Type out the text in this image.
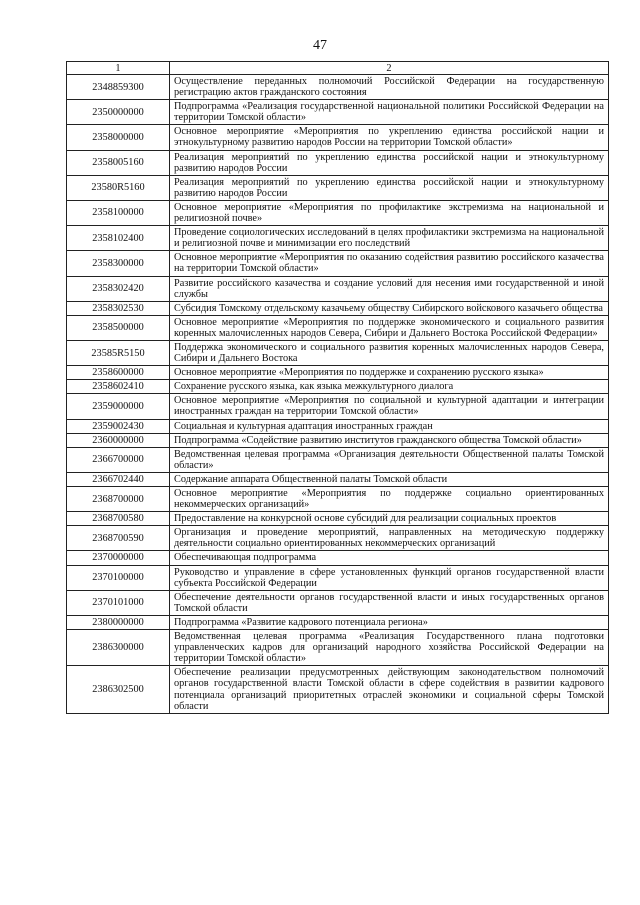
47
1	2
2348859300	Осуществление переданных полномочий Российской Федерации на государственную регистрацию актов гражданского состояния
2350000000	Подпрограмма «Реализация государственной национальной политики Российской Федерации на территории Томской области»
2358000000	Основное мероприятие «Мероприятия по укреплению единства российской нации и этнокультурному развитию народов России на территории Томской области»
2358005160	Реализация мероприятий по укреплению единства российской нации и этнокультурному развитию народов России
23580R5160	Реализация мероприятий по укреплению единства российской нации и этнокультурному развитию народов России
2358100000	Основное мероприятие «Мероприятия по профилактике экстремизма на национальной и религиозной почве»
2358102400	Проведение социологических исследований в целях профилактики экстремизма на национальной и религиозной почве и минимизации его последствий
2358300000	Основное мероприятие «Мероприятия по оказанию содействия развитию российского казачества на территории Томской области»
2358302420	Развитие российского казачества и создание условий для несения ими государственной и иной службы
2358302530	Субсидия Томскому отдельскому казачьему обществу Сибирского войскового казачьего общества
2358500000	Основное мероприятие «Мероприятия по поддержке экономического и социального развития коренных малочисленных народов Севера, Сибири и Дальнего Востока Российской Федерации»
23585R5150	Поддержка экономического и социального развития коренных малочисленных народов Севера, Сибири и Дальнего Востока
2358600000	Основное мероприятие «Мероприятия по поддержке и сохранению русского языка»
2358602410	Сохранение русского языка, как языка межкультурного диалога
2359000000	Основное мероприятие «Мероприятия по социальной и культурной адаптации и интеграции иностранных граждан на территории Томской области»
2359002430	Социальная и культурная адаптация иностранных граждан
2360000000	Подпрограмма «Содействие развитию институтов гражданского общества Томской области»
2366700000	Ведомственная целевая программа «Организация деятельности Общественной палаты Томской области»
2366702440	Содержание аппарата Общественной палаты Томской области
2368700000	Основное мероприятие «Мероприятия по поддержке социально ориентированных некоммерческих организаций»
2368700580	Предоставление на конкурсной основе субсидий для реализации социальных проектов
2368700590	Организация и проведение мероприятий, направленных на методическую поддержку деятельности социально ориентированных некоммерческих организаций
2370000000	Обеспечивающая подпрограмма
2370100000	Руководство и управление в сфере установленных функций органов государственной власти субъекта Российской Федерации
2370101000	Обеспечение деятельности органов государственной власти и иных государственных органов Томской области
2380000000	Подпрограмма «Развитие кадрового потенциала региона»
2386300000	Ведомственная целевая программа «Реализация Государственного плана подготовки управленческих кадров для организаций народного хозяйства Российской Федерации на территории Томской области»
2386302500	Обеспечение реализации предусмотренных действующим законодательством полномочий органов государственной власти Томской области в сфере содействия в развитии кадрового потенциала организаций приоритетных отраслей экономики и социальной сферы Томской области
